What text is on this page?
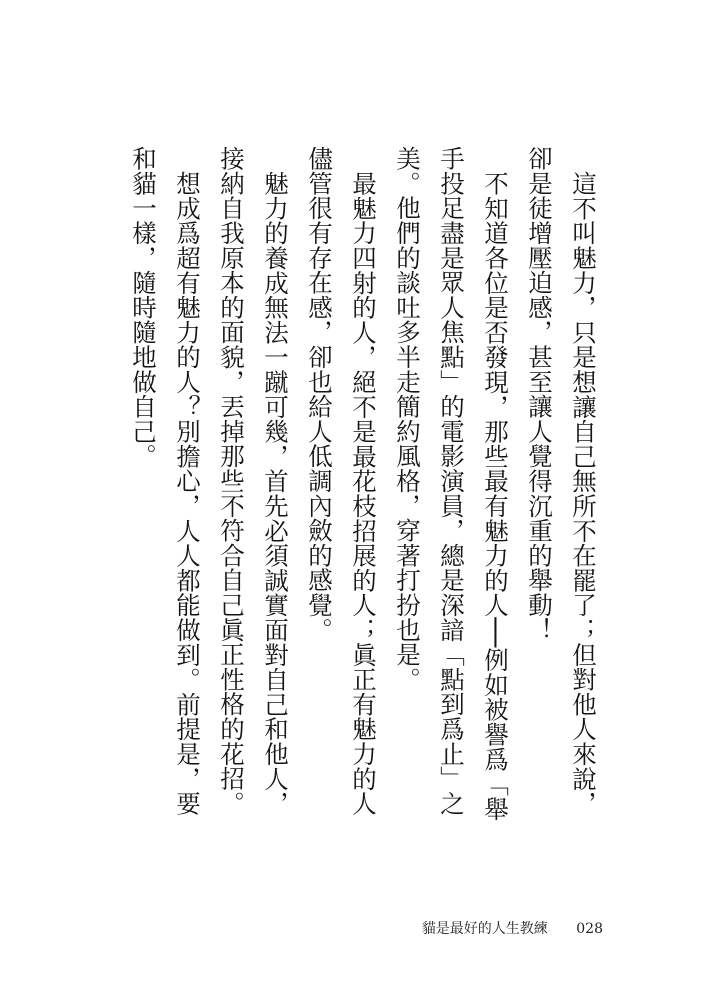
這不叫魅力，只是想讓自己無所不在罷了；但對他人來說，卻是徒增壓迫感，甚至讓人覺得沉重的舉動！

不知道各位是否發現，那些最有魅力的人──例如被譽爲「舉手投足盡是眾人焦點」的電影演員，總是深諳「點到爲止」之美。他們的談吐多半走簡約風格，穿著打扮也是。

最魅力四射的人，絕不是最花枝招展的人；眞正有魅力的人儘管很有存在感，卻也給人低調內斂的感覺。

魅力的養成無法一蹴可幾，首先必須誠實面對自己和他人，接納自我原本的面貌，丟掉那些不符合自己眞正性格的花招。

想成爲超有魅力的人？別擔心，人人都能做到。前提是，要和貓一樣，隨時隨地做自己。

貓是最好的人生教練 028
